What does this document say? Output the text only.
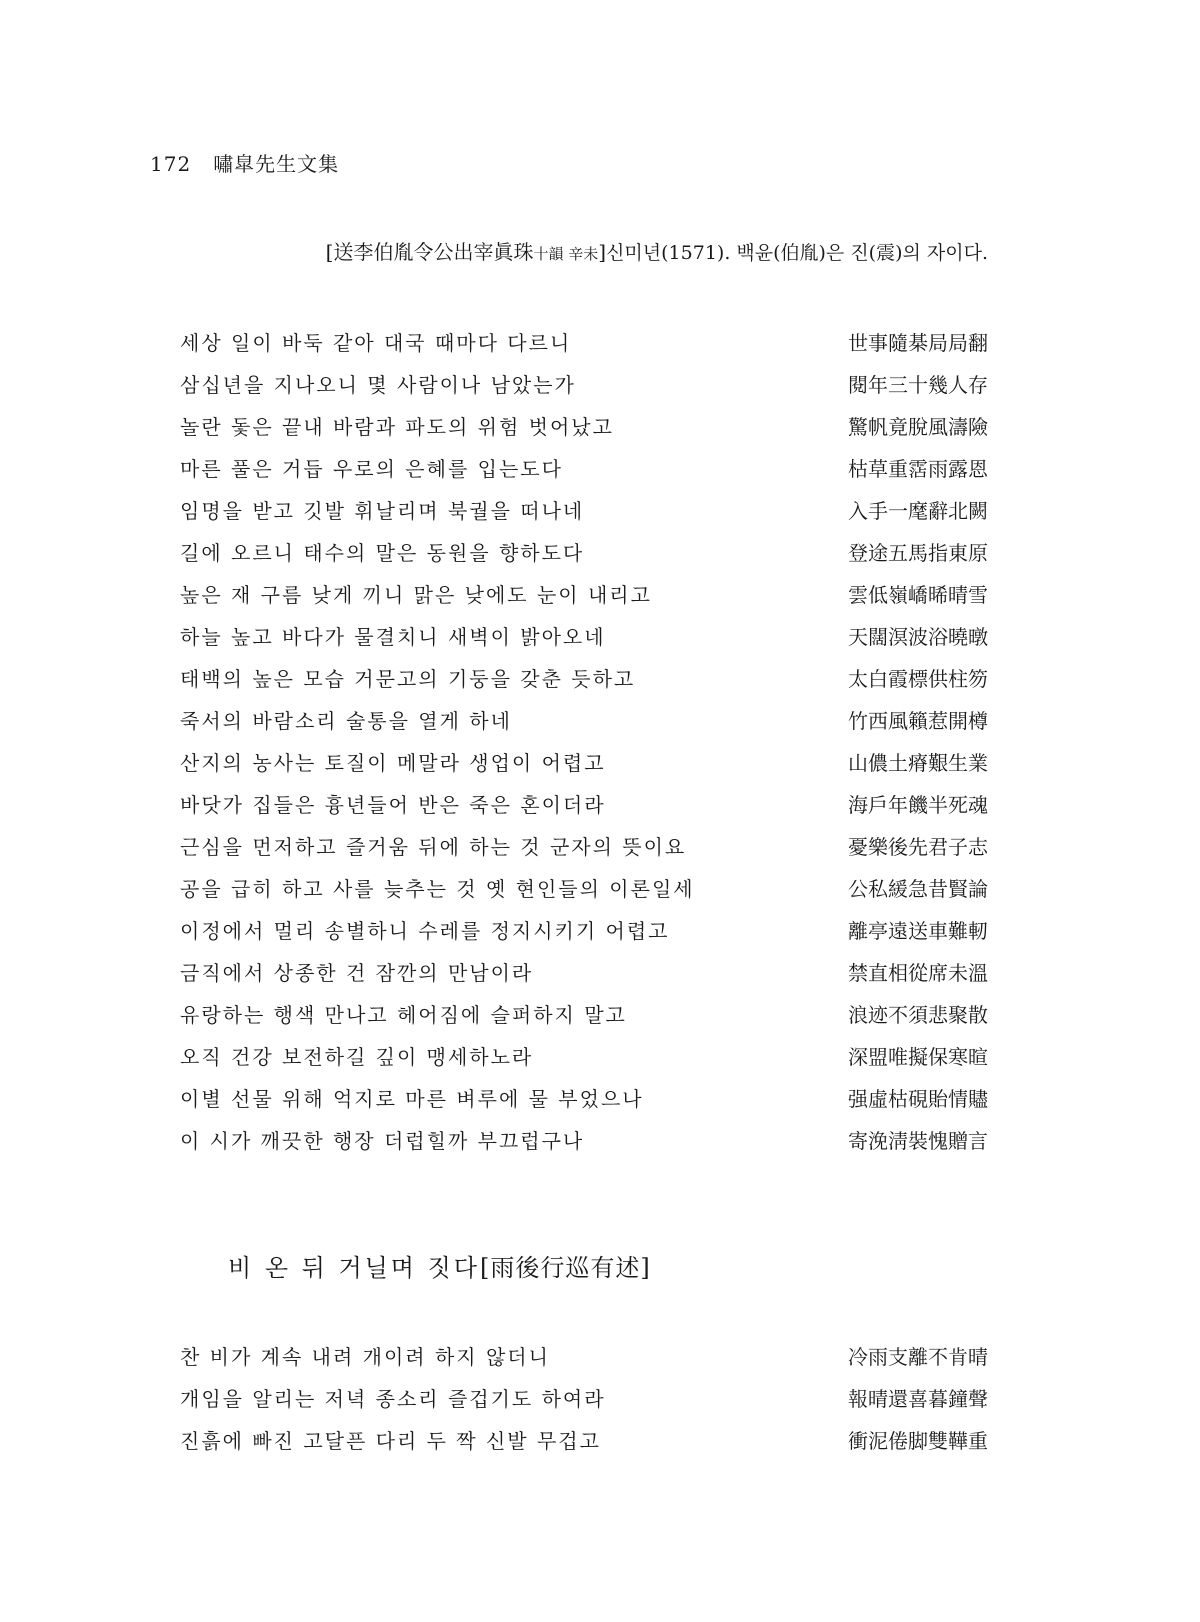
172 嘯皐先生文集
[送李伯胤令公出宰眞珠十韻 辛未]신미년(1571). 백윤(伯胤)은 진(震)의 자이다.
세상 일이 바둑 같아 대국 때마다 다르니	世事隨棊局局翻
삼십년을 지나오니 몇 사람이나 남았는가	閱年三十幾人存
놀란 돛은 끝내 바람과 파도의 위험 벗어났고	驚帆竟脫風濤險
마른 풀은 거듭 우로의 은혜를 입는도다	枯草重霑雨露恩
임명을 받고 깃발 휘날리며 북궐을 떠나네	入手一麾辭北闕
길에 오르니 태수의 말은 동원을 향하도다	登途五馬指東原
높은 재 구름 낮게 끼니 맑은 낮에도 눈이 내리고	雲低嶺嶠晞晴雪
하늘 높고 바다가 물결치니 새벽이 밝아오네	天闊溟波浴曉暾
태백의 높은 모습 거문고의 기둥을 갖춘 듯하고	太白霞標供柱笏
죽서의 바람소리 술통을 열게 하네	竹西風籟惹開樽
산지의 농사는 토질이 메말라 생업이 어렵고	山儂土瘠艱生業
바닷가 집들은 흉년들어 반은 죽은 혼이더라	海戶年饑半死魂
근심을 먼저하고 즐거움 뒤에 하는 것 군자의 뜻이요	憂樂後先君子志
공을 급히 하고 사를 늦추는 것 옛 현인들의 이론일세	公私緩急昔賢論
이정에서 멀리 송별하니 수레를 정지시키기 어렵고	離亭遠送車難軔
금직에서 상종한 건 잠깐의 만남이라	禁直相從席未溫
유랑하는 행색 만나고 헤어짐에 슬퍼하지 말고	浪迹不須悲聚散
오직 건강 보전하길 깊이 맹세하노라	深盟唯擬保寒暄
이별 선물 위해 억지로 마른 벼루에 물 부었으나	强虛枯硯貽情贐
이 시가 깨끗한 행장 더럽힐까 부끄럽구나	寄浼淸裝愧贈言
비 온 뒤 거닐며 짓다[雨後行巡有述]
찬 비가 계속 내려 개이려 하지 않더니	冷雨支離不肯晴
개임을 알리는 저녁 종소리 즐겁기도 하여라	報晴還喜暮鐘聲
진흙에 빠진 고달픈 다리 두 짝 신발 무겁고	衝泥倦脚雙鞾重
